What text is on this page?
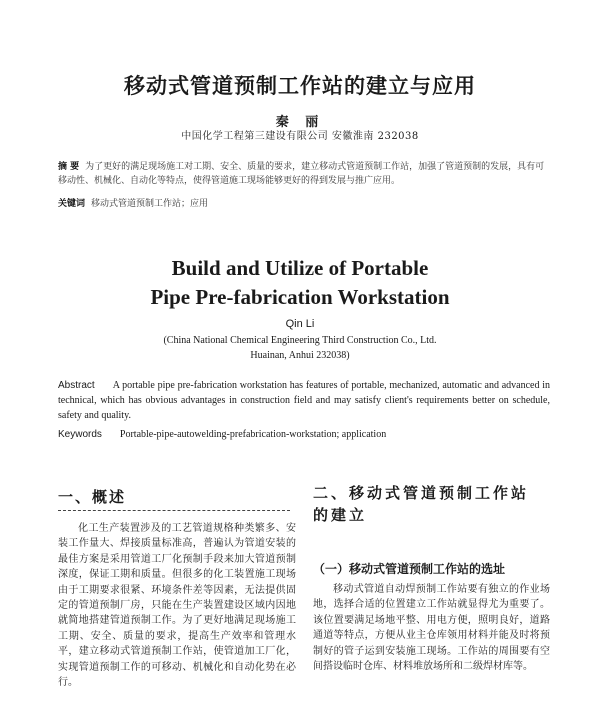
移动式管道预制工作站的建立与应用
秦 丽
中国化学工程第三建设有限公司 安徽淮南 232038
摘 要 为了更好的满足现场施工对工期、安全、质量的要求，建立移动式管道预制工作站，加强了管道预制的发展，具有可移动性、机械化、自动化等特点，使得管道施工现场能够更好的得到发展与推广应用。
关键词 移动式管道预制工作站；应用
Build and Utilize of Portable
Pipe Pre-fabrication Workstation
Qin Li
(China National Chemical Engineering Third Construction Co., Ltd.
Huainan, Anhui 232038)
Abstract A portable pipe pre-fabrication workstation has features of portable, mechanized, automatic and advanced in technical, which has obvious advantages in construction field and may satisfy client's requirements better on schedule, safety and quality.
Keywords Portable-pipe-autowelding-prefabrication-workstation; application
一、概述
化工生产装置涉及的工艺管道规格种类繁多、安装工作量大、焊接质量标准高，普遍认为管道安装的最佳方案是采用管道工厂化预制手段来加大管道预制深度，保证工期和质量。但很多的化工装置施工现场由于工期要求很紧、环境条件差等因素，无法提供固定的管道预制厂房，只能在生产装置建设区域内因地就简地搭建管道预制工作。为了更好地满足现场施工工期、安全、质量的要求，提高生产效率和管理水平，建立移动式管道预制工作站，使管道加工厂化，实现管道预制工作的可移动、机械化和自动化势在必行。
二、移动式管道预制工作站的建立
（一）移动式管道预制工作站的选址
移动式管道自动焊预制工作站要有独立的作业场地，选择合适的位置建立工作站就显得尤为重要了。该位置要满足场地平整、用电方便，照明良好，道路通道等特点，方便从业主仓库领用材料并能及时将预制好的管子运到安装施工现场。工作站的周围要有空间搭设临时仓库、材料堆放场所和二级焊材库等。
